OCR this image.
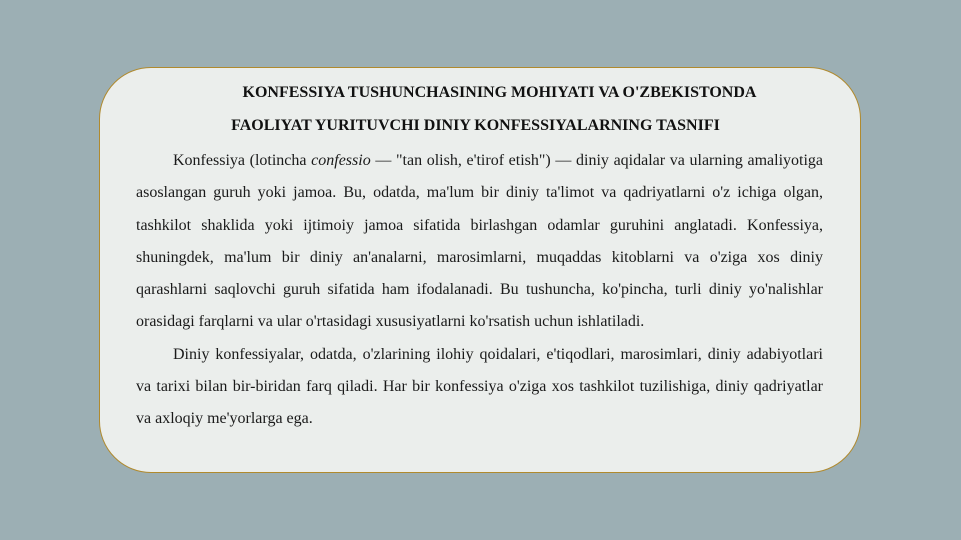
KONFESSIYA TUSHUNCHASINING MOHIYATI VA O'ZBEKISTONDA
FAOLIYAT YURITUVCHI DINIY KONFESSIYALARNING TASNIFI

Konfessiya (lotincha confessio — "tan olish, e'tirof etish") — diniy aqidalar va ularning amaliyotiga asoslangan guruh yoki jamoa. Bu, odatda, ma'lum bir diniy ta'limot va qadriyatlarni o'z ichiga olgan, tashkilot shaklida yoki ijtimoiy jamoa sifatida birlashgan odamlar guruhini anglatadi. Konfessiya, shuningdek, ma'lum bir diniy an'analarni, marosimlarni, muqaddas kitoblarni va o'ziga xos diniy qarashlarni saqlovchi guruh sifatida ham ifodalanadi. Bu tushuncha, ko'pincha, turli diniy yo'nalishlar orasidagi farqlarni va ular o'rtasidagi xususiyatlarni ko'rsatish uchun ishlatiladi.

Diniy konfessiyalar, odatda, o'zlarining ilohiy qoidalari, e'tiqodlari, marosimlari, diniy adabiyotlari va tarixi bilan bir-biridan farq qiladi. Har bir konfessiya o'ziga xos tashkilot tuzilishiga, diniy qadriyatlar va axloqiy me'yorlarga ega.
